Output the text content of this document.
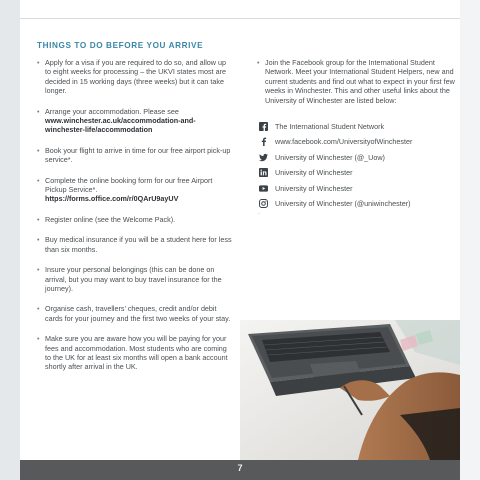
THINGS TO DO BEFORE YOU ARRIVE
• Apply for a visa if you are required to do so, and allow up to eight weeks for processing – the UKVI states most are decided in 15 working days (three weeks) but it can take longer.
• Arrange your accommodation. Please see
www.winchester.ac.uk/accommodation-and-winchester-life/accommodation
• Book your flight to arrive in time for our free airport pick-up service*.
• Complete the online booking form for our free Airport Pickup Service*.
https://forms.office.com/r/0QArU9ayUV
• Register online (see the Welcome Pack).
• Buy medical insurance if you will be a student here for less than six months.
• Insure your personal belongings (this can be done on arrival, but you may want to buy travel insurance for the journey).
• Organise cash, travellers’ cheques, credit and/or debit cards for your journey and the first two weeks of your stay.
• Make sure you are aware how you will be paying for your fees and accommodation. Most students who are coming to the UK for at least six months will open a bank account shortly after arrival in the UK.
• Join the Facebook group for the International Student Network. Meet your International Student Helpers, new and current students and find out what to expect in your first few weeks in Winchester. This and other useful links about the University of Winchester are listed below:
The International Student Network
www.facebook.com/UniversityofWinchester
University of Winchester (@_Uow)
University of Winchester
University of Winchester
University of Winchester (@uniwinchester)
.
7
